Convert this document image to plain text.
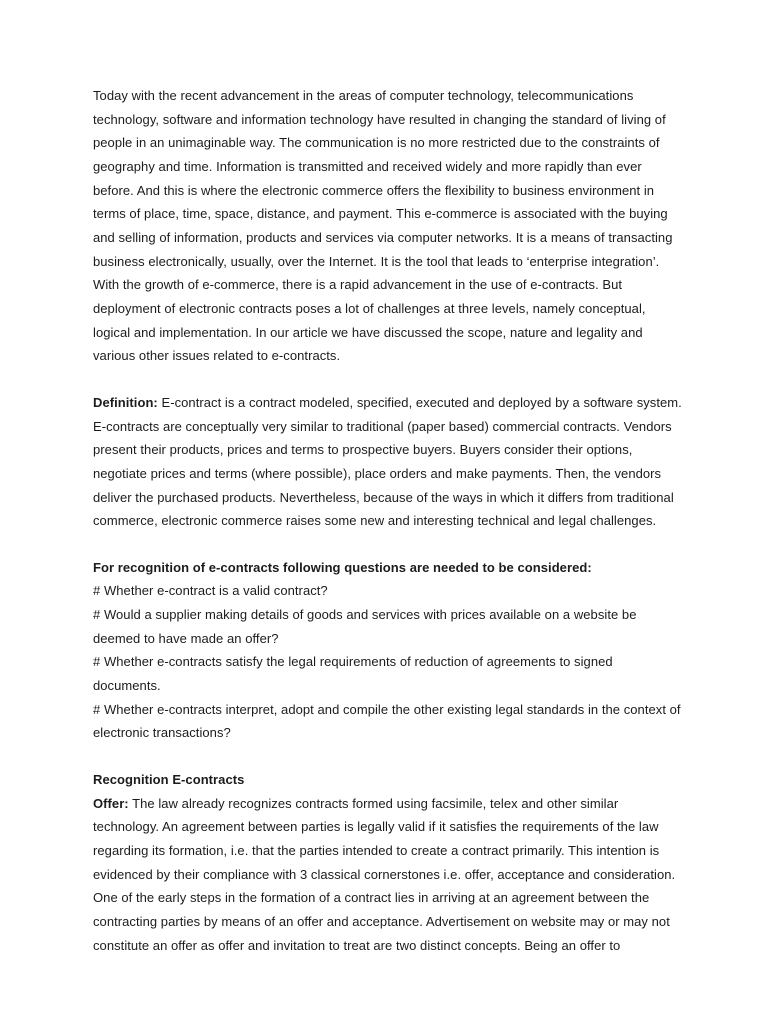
Today with the recent advancement in the areas of computer technology, telecommunications technology, software and information technology have resulted in changing the standard of living of people in an unimaginable way. The communication is no more restricted due to the constraints of geography and time. Information is transmitted and received widely and more rapidly than ever before. And this is where the electronic commerce offers the flexibility to business environment in terms of place, time, space, distance, and payment. This e-commerce is associated with the buying and selling of information, products and services via computer networks. It is a means of transacting business electronically, usually, over the Internet. It is the tool that leads to ‘enterprise integration’. With the growth of e-commerce, there is a rapid advancement in the use of e-contracts. But deployment of electronic contracts poses a lot of challenges at three levels, namely conceptual, logical and implementation. In our article we have discussed the scope, nature and legality and various other issues related to e-contracts.

Definition: E-contract is a contract modeled, specified, executed and deployed by a software system. E-contracts are conceptually very similar to traditional (paper based) commercial contracts. Vendors present their products, prices and terms to prospective buyers. Buyers consider their options, negotiate prices and terms (where possible), place orders and make payments. Then, the vendors deliver the purchased products. Nevertheless, because of the ways in which it differs from traditional commerce, electronic commerce raises some new and interesting technical and legal challenges.

For recognition of e-contracts following questions are needed to be considered:
# Whether e-contract is a valid contract?
# Would a supplier making details of goods and services with prices available on a website be deemed to have made an offer?
# Whether e-contracts satisfy the legal requirements of reduction of agreements to signed documents.
# Whether e-contracts interpret, adopt and compile the other existing legal standards in the context of electronic transactions?
Recognition E-contracts

Offer: The law already recognizes contracts formed using facsimile, telex and other similar technology. An agreement between parties is legally valid if it satisfies the requirements of the law regarding its formation, i.e. that the parties intended to create a contract primarily. This intention is evidenced by their compliance with 3 classical cornerstones i.e. offer, acceptance and consideration. One of the early steps in the formation of a contract lies in arriving at an agreement between the contracting parties by means of an offer and acceptance. Advertisement on website may or may not constitute an offer as offer and invitation to treat are two distinct concepts. Being an offer to
